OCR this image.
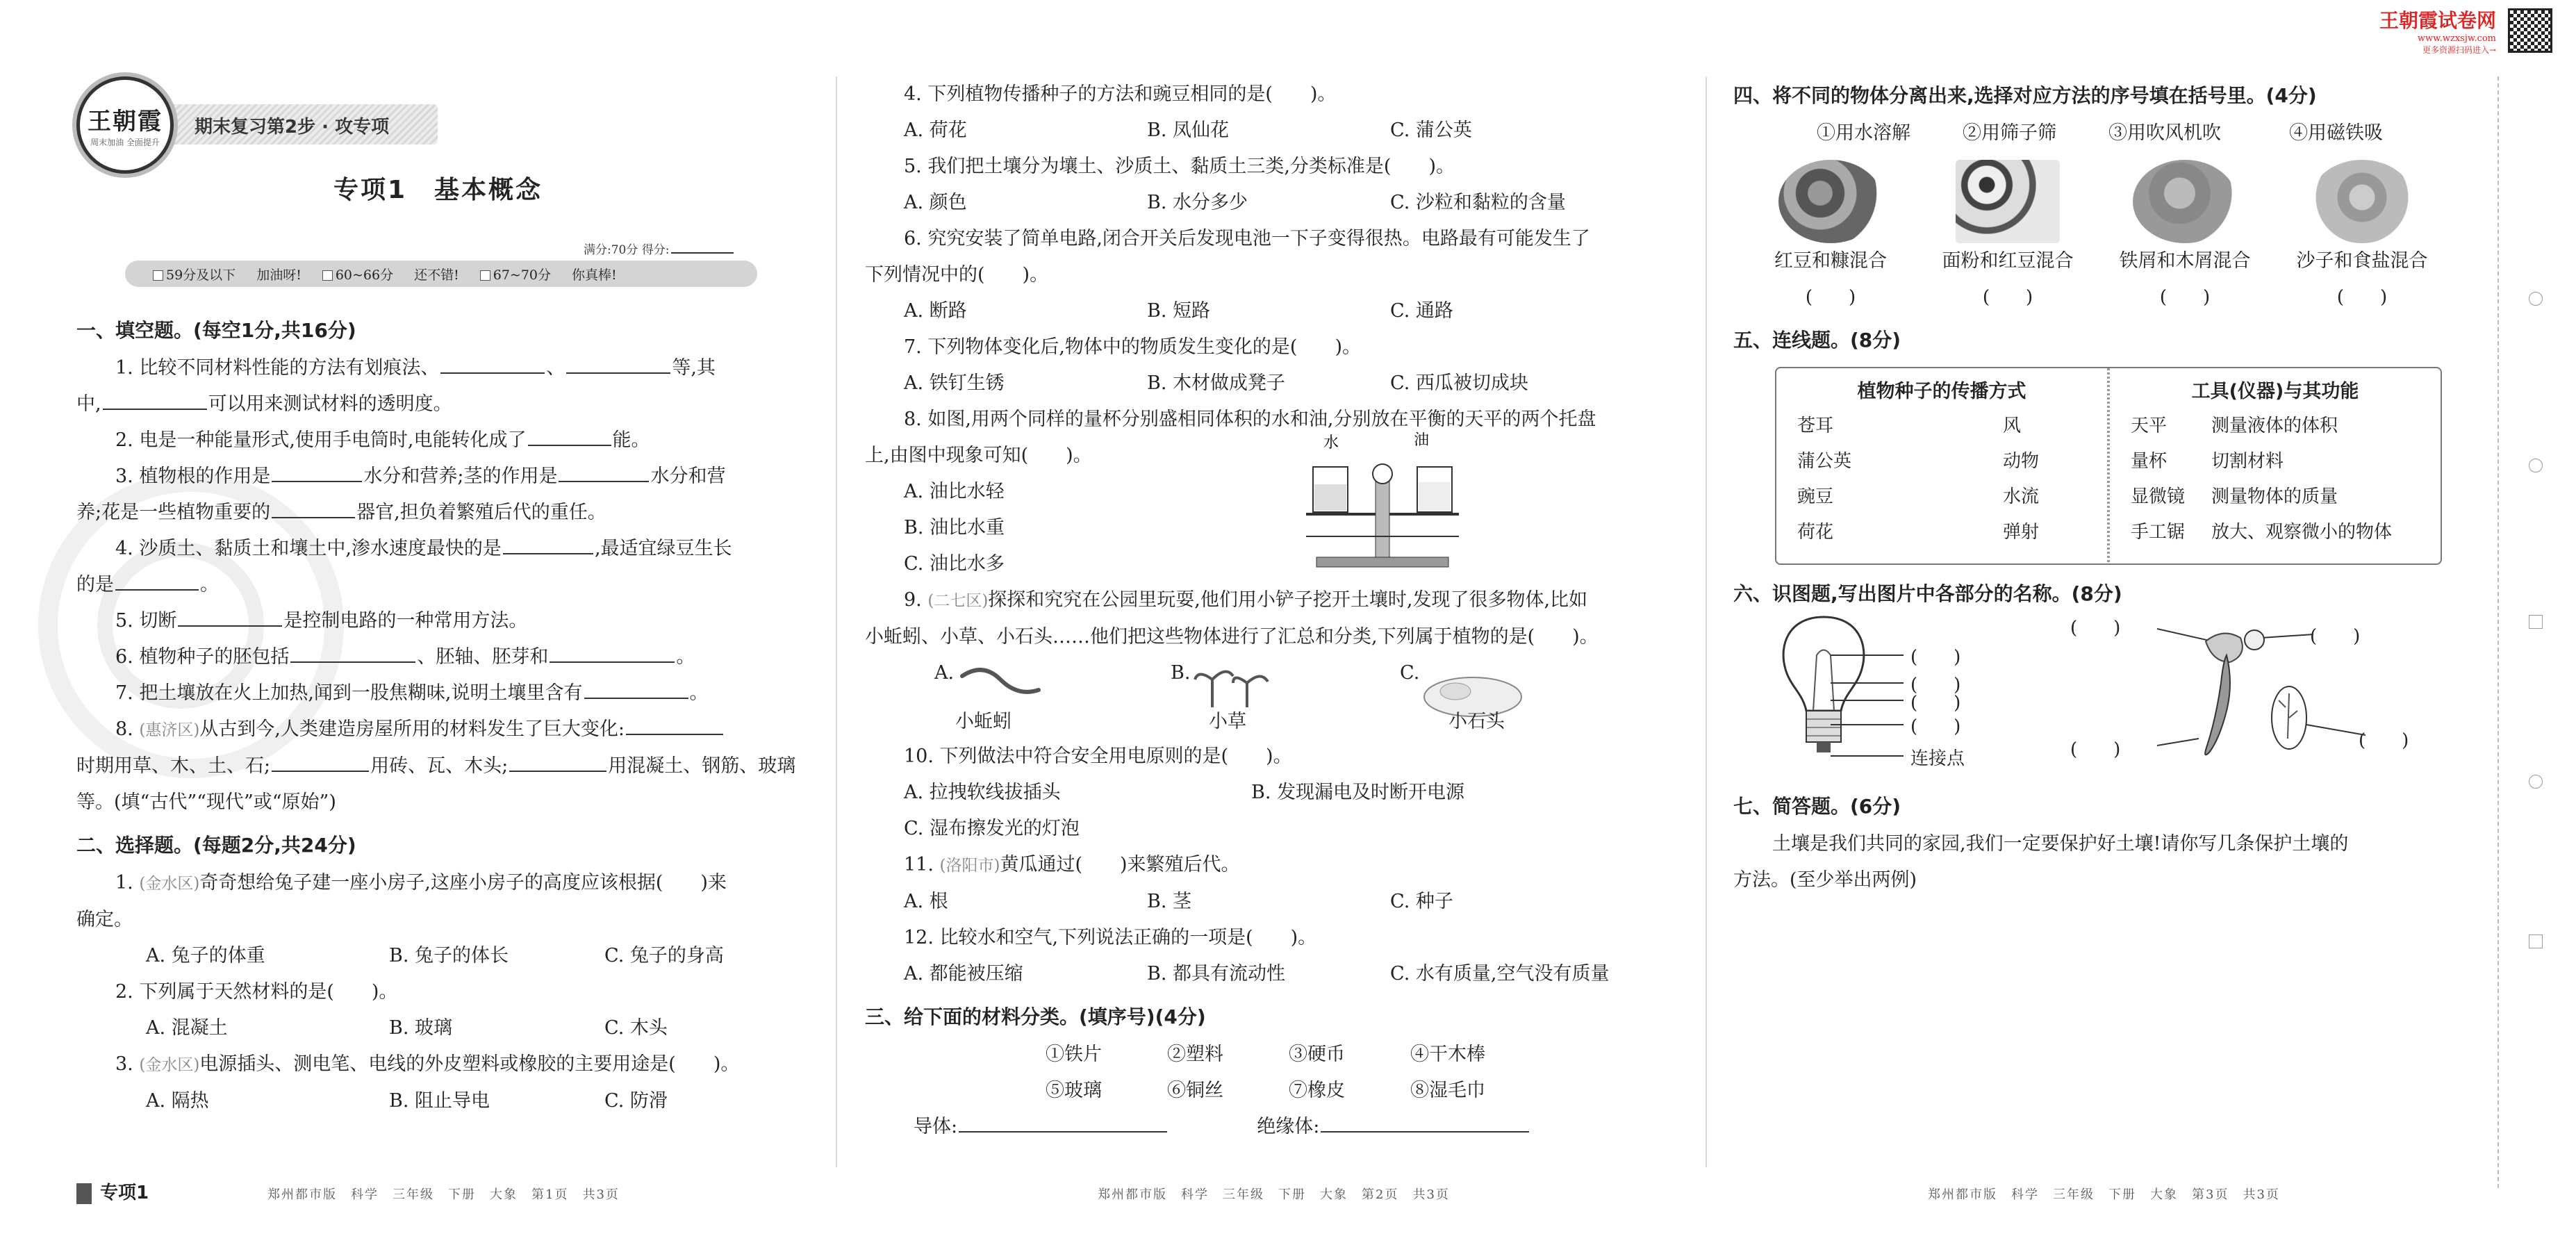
王朝霞试卷网
www.wzxsjw.com
更多资源扫码进入→
期末复习第2步 · 攻专项
王朝霞
周末加油 全面提升
专项1　基本概念
满分:70分 得分:
59分及以下 加油呀!	60~66分 还不错!	67~70分 你真棒!
一、填空题。(每空1分,共16分)
1. 比较不同材料性能的方法有划痕法、	、	等,其
中,	可以用来测试材料的透明度。
2. 电是一种能量形式,使用手电筒时,电能转化成了	能。
3. 植物根的作用是	水分和营养;茎的作用是	水分和营
养;花是一些植物重要的	器官,担负着繁殖后代的重任。
4. 沙质土、黏质土和壤土中,渗水速度最快的是	,最适宜绿豆生长
的是	。
5. 切断	是控制电路的一种常用方法。
6. 植物种子的胚包括	、胚轴、胚芽和	。
7. 把土壤放在火上加热,闻到一股焦糊味,说明土壤里含有	。
8. (惠济区)从古到今,人类建造房屋所用的材料发生了巨大变化:
时期用草、木、土、石;	用砖、瓦、木头;	用混凝土、钢筋、玻璃
等。(填“古代”“现代”或“原始”)
二、选择题。(每题2分,共24分)
1. (金水区)奇奇想给兔子建一座小房子,这座小房子的高度应该根据(　　)来
确定。
A. 兔子的体重	B. 兔子的体长	C. 兔子的身高
2. 下列属于天然材料的是(　　)。
A. 混凝土	B. 玻璃	C. 木头
3. (金水区)电源插头、测电笔、电线的外皮塑料或橡胶的主要用途是(　　)。
A. 隔热	B. 阻止导电	C. 防滑
4. 下列植物传播种子的方法和豌豆相同的是(　　)。
A. 荷花	B. 凤仙花	C. 蒲公英
5. 我们把土壤分为壤土、沙质土、黏质土三类,分类标准是(　　)。
A. 颜色	B. 水分多少	C. 沙粒和黏粒的含量
6. 究究安装了简单电路,闭合开关后发现电池一下子变得很热。电路最有可能发生了
下列情况中的(　　)。
A. 断路	B. 短路	C. 通路
7. 下列物体变化后,物体中的物质发生变化的是(　　)。
A. 铁钉生锈	B. 木材做成凳子	C. 西瓜被切成块
8. 如图,用两个同样的量杯分别盛相同体积的水和油,分别放在平衡的天平的两个托盘
上,由图中现象可知(　　)。
A. 油比水轻
B. 油比水重
C. 油比水多
水	油
9. (二七区)探探和究究在公园里玩耍,他们用小铲子挖开土壤时,发现了很多物体,比如
小蚯蚓、小草、小石头……他们把这些物体进行了汇总和分类,下列属于植物的是(　　)。
A.	B.	C.
小蚯蚓	小草	小石头
10. 下列做法中符合安全用电原则的是(　　)。
A. 拉拽软线拔插头	B. 发现漏电及时断开电源
C. 湿布擦发光的灯泡
11. (洛阳市)黄瓜通过(　　)来繁殖后代。
A. 根	B. 茎	C. 种子
12. 比较水和空气,下列说法正确的一项是(　　)。
A. 都能被压缩	B. 都具有流动性	C. 水有质量,空气没有质量
三、给下面的材料分类。(填序号)(4分)
①铁片	②塑料	③硬币	④干木棒
⑤玻璃	⑥铜丝	⑦橡皮	⑧湿毛巾
导体:	绝缘体:
四、将不同的物体分离出来,选择对应方法的序号填在括号里。(4分)
①用水溶解	②用筛子筛	③用吹风机吹	④用磁铁吸
红豆和糠混合
(　　)
面粉和红豆混合
(　　)
铁屑和木屑混合
(　　)
沙子和食盐混合
(　　)
五、连线题。(8分)
植物种子的传播方式
苍耳	风
蒲公英	动物
豌豆	水流
荷花	弹射
工具(仪器)与其功能
天平 测量液体的体积
量杯 切割材料
显微镜 测量物体的质量
手工锯 放大、观察微小的物体
六、识图题,写出图片中各部分的名称。(8分)
(　　)
(　　)
(　　)
(　　)
连接点
(　　)
(　　)
(　　)
(　　)
七、简答题。(6分)
土壤是我们共同的家园,我们一定要保护好土壤!请你写几条保护土壤的
方法。(至少举出两例)
专项1	郑州都市版　科学　三年级　下册　大象　第1页　共3页	郑州都市版　科学　三年级　下册　大象　第2页　共3页	郑州都市版　科学　三年级　下册　大象　第3页　共3页
